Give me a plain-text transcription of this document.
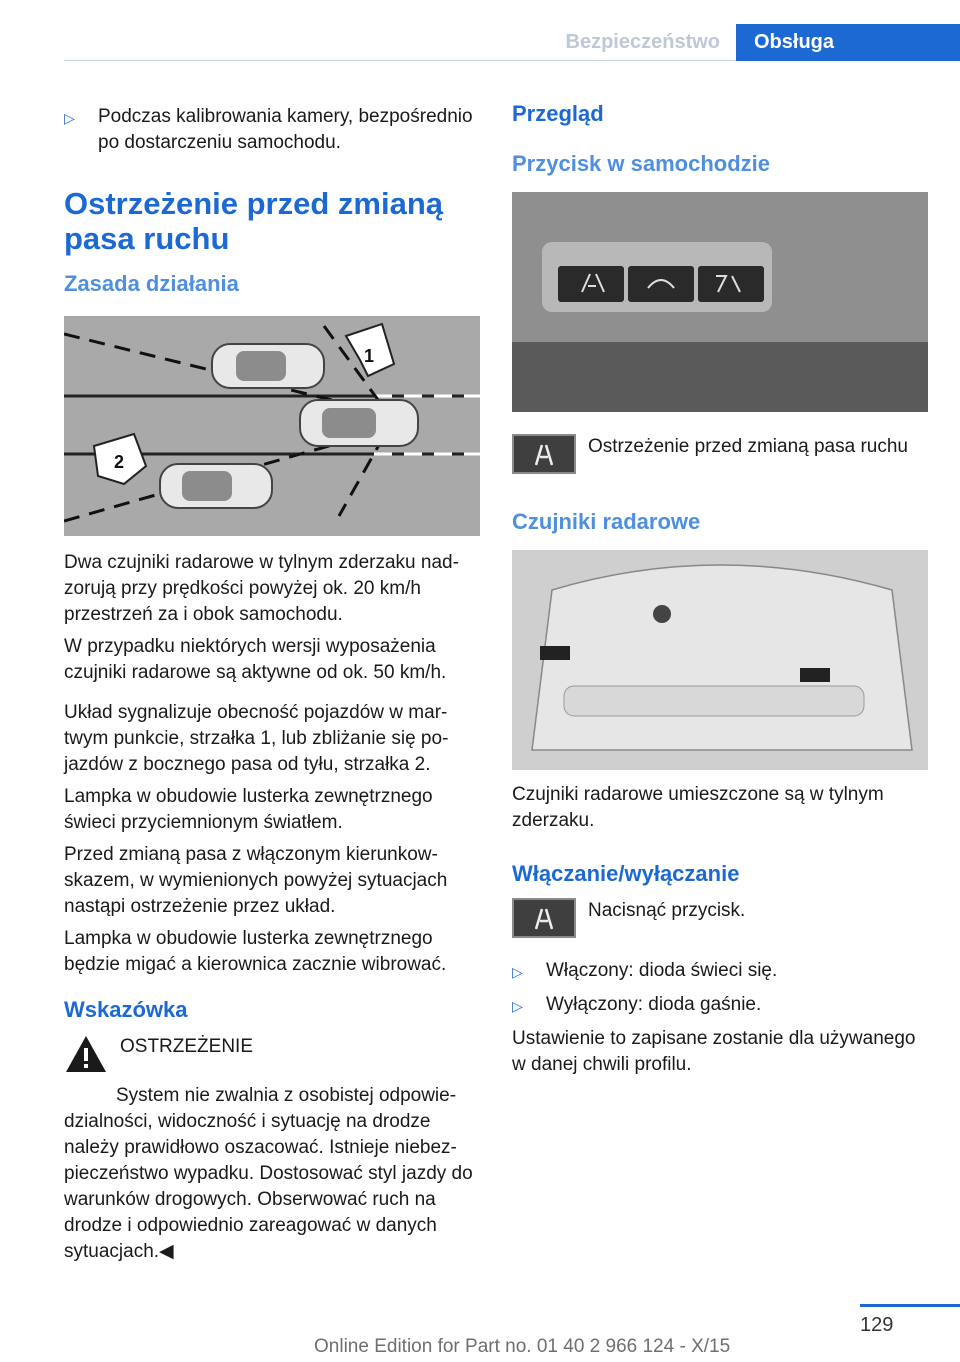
Bezpieczeństwo	Obsługa
▷	Podczas kalibrowania kamery, bezpośrednio po dostarczeniu samochodu.
Ostrzeżenie przed zmianą pasa ruchu
Zasada działania
1
2

Dwa czujniki radarowe w tylnym zderzaku nadzorują przy prędkości powyżej ok. 20 km/h przestrzeń za i obok samochodu.

W przypadku niektórych wersji wyposażenia czujniki radarowe są aktywne od ok. 50 km/h.

Układ sygnalizuje obecność pojazdów w martwym punkcie, strzałka 1, lub zbliżanie się pojazdów z bocznego pasa od tyłu, strzałka 2.

Lampka w obudowie lusterka zewnętrznego świeci przyciemnionym światłem.

Przed zmianą pasa z włączonym kierunkowskazem, w wymienionych powyżej sytuacjach nastąpi ostrzeżenie przez układ.

Lampka w obudowie lusterka zewnętrznego będzie migać a kierownica zacznie wibrować.

Wskazówka

OSTRZEŻENIE

System nie zwalnia z osobistej odpowiedzialności, widoczność i sytuację na drodze należy prawidłowo oszacować. Istnieje niebezpieczeństwo wypadku. Dostosować styl jazdy do warunków drogowych. Obserwować ruch na drodze i odpowiednio zareagować w danych sytuacjach.◀

Przegląd
Przycisk w samochodzie

Ostrzeżenie przed zmianą pasa ruchu

Czujniki radarowe

Czujniki radarowe umieszczone są w tylnym zderzaku.

Włączanie/wyłączanie

Nacisnąć przycisk.

▷	Włączony: dioda świeci się.
▷	Wyłączony: dioda gaśnie.

Ustawienie to zapisane zostanie dla używanego w danej chwili profilu.

129
Online Edition for Part no. 01 40 2 966 124 - X/15
